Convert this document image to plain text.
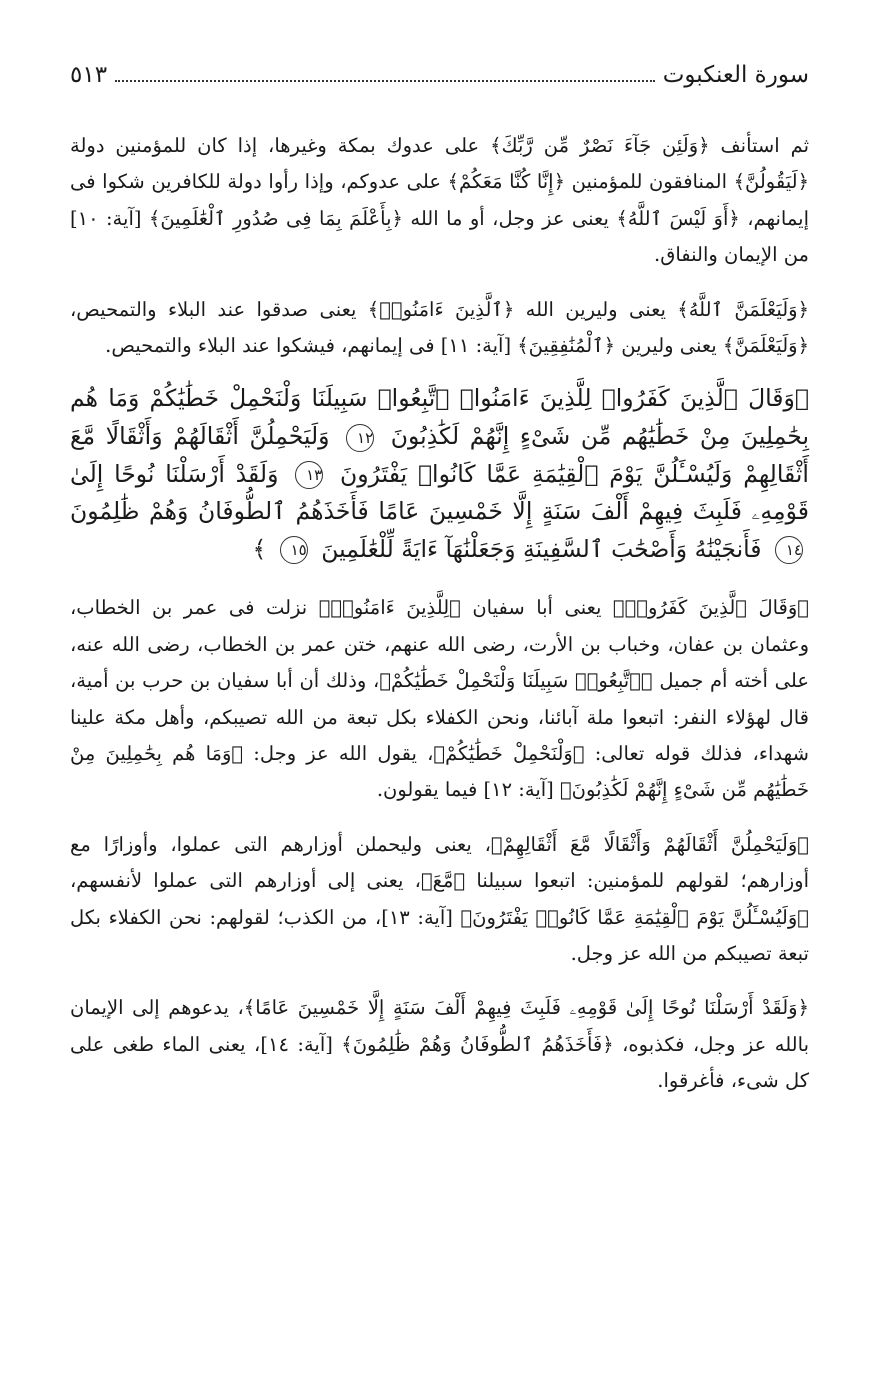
سورة العنكبوت
٥١٣

ثم استأنف ﴿وَلَئِن جَآءَ نَصْرٌ مِّن رَّبِّكَ﴾ على عدوك بمكة وغيرها، إذا كان للمؤمنين دولة ﴿لَيَقُولُنَّ﴾ المنافقون للمؤمنين ﴿إِنَّا كُنَّا مَعَكُمْ﴾ على عدوكم، وإذا رأوا دولة للكافرين شكوا فى إيمانهم، ﴿أَوَ لَيْسَ ٱللَّهُ﴾ يعنى عز وجل، أو ما الله ﴿بِأَعْلَمَ بِمَا فِى صُدُورِ ٱلْعَٰلَمِينَ﴾ [آية: ١٠] من الإيمان والنفاق.

﴿وَلَيَعْلَمَنَّ ٱللَّهُ﴾ يعنى وليرين الله ﴿ٱلَّذِينَ ءَامَنُوا۟﴾ يعنى صدقوا عند البلاء والتمحيص، ﴿وَلَيَعْلَمَنَّ﴾ يعنى وليرين ﴿ٱلْمُنَٰفِقِينَ﴾ [آية: ١١] فى إيمانهم، فيشكوا عند البلاء والتمحيص.

﴿وَقَالَ ٱلَّذِينَ كَفَرُوا۟ لِلَّذِينَ ءَامَنُوا۟ ٱتَّبِعُوا۟ سَبِيلَنَا وَلْنَحْمِلْ خَطَٰيَٰكُمْ وَمَا هُم بِحَٰمِلِينَ مِنْ خَطَٰيَٰهُم مِّن شَىْءٍ إِنَّهُمْ لَكَٰذِبُونَ ١٢ وَلَيَحْمِلُنَّ أَثْقَالَهُمْ وَأَثْقَالًا مَّعَ أَثْقَالِهِمْ وَلَيُسْـَٔلُنَّ يَوْمَ ٱلْقِيَٰمَةِ عَمَّا كَانُوا۟ يَفْتَرُونَ ١٣ وَلَقَدْ أَرْسَلْنَا نُوحًا إِلَىٰ قَوْمِهِۦ فَلَبِثَ فِيهِمْ أَلْفَ سَنَةٍ إِلَّا خَمْسِينَ عَامًا فَأَخَذَهُمُ ٱلطُّوفَانُ وَهُمْ ظَٰلِمُونَ ١٤ فَأَنجَيْنَٰهُ وَأَصْحَٰبَ ٱلسَّفِينَةِ وَجَعَلْنَٰهَآ ءَايَةً لِّلْعَٰلَمِينَ ١٥ ﴾

﴿وَقَالَ ٱلَّذِينَ كَفَرُوا۟﴾ يعنى أبا سفيان ﴿لِلَّذِينَ ءَامَنُوا۟﴾ نزلت فى عمر بن الخطاب، وعثمان بن عفان، وخباب بن الأرت، رضى الله عنهم، ختن عمر بن الخطاب، رضى الله عنه، على أخته أم جميل ﴿ٱتَّبِعُوا۟ سَبِيلَنَا وَلْنَحْمِلْ خَطَٰيَٰكُمْ﴾، وذلك أن أبا سفيان بن حرب بن أمية، قال لهؤلاء النفر: اتبعوا ملة آبائنا، ونحن الكفلاء بكل تبعة من الله تصيبكم، وأهل مكة علينا شهداء، فذلك قوله تعالى: ﴿وَلْنَحْمِلْ خَطَٰيَٰكُمْ﴾، يقول الله عز وجل: ﴿وَمَا هُم بِحَٰمِلِينَ مِنْ خَطَٰيَٰهُم مِّن شَىْءٍ إِنَّهُمْ لَكَٰذِبُونَ﴾ [آية: ١٢] فيما يقولون.

﴿وَلَيَحْمِلُنَّ أَثْقَالَهُمْ وَأَثْقَالًا مَّعَ أَثْقَالِهِمْ﴾، يعنى وليحملن أوزارهم التى عملوا، وأوزارًا مع أوزارهم؛ لقولهم للمؤمنين: اتبعوا سبيلنا ﴿مَّعَ﴾، يعنى إلى أوزارهم التى عملوا لأنفسهم، ﴿وَلَيُسْـَٔلُنَّ يَوْمَ ٱلْقِيَٰمَةِ عَمَّا كَانُوا۟ يَفْتَرُونَ﴾ [آية: ١٣]، من الكذب؛ لقولهم: نحن الكفلاء بكل تبعة تصيبكم من الله عز وجل.

﴿وَلَقَدْ أَرْسَلْنَا نُوحًا إِلَىٰ قَوْمِهِۦ فَلَبِثَ فِيهِمْ أَلْفَ سَنَةٍ إِلَّا خَمْسِينَ عَامًا﴾، يدعوهم إلى الإيمان بالله عز وجل، فكذبوه، ﴿فَأَخَذَهُمُ ٱلطُّوفَانُ وَهُمْ ظَٰلِمُونَ﴾ [آية: ١٤]، يعنى الماء طغى على كل شىء، فأغرقوا.
